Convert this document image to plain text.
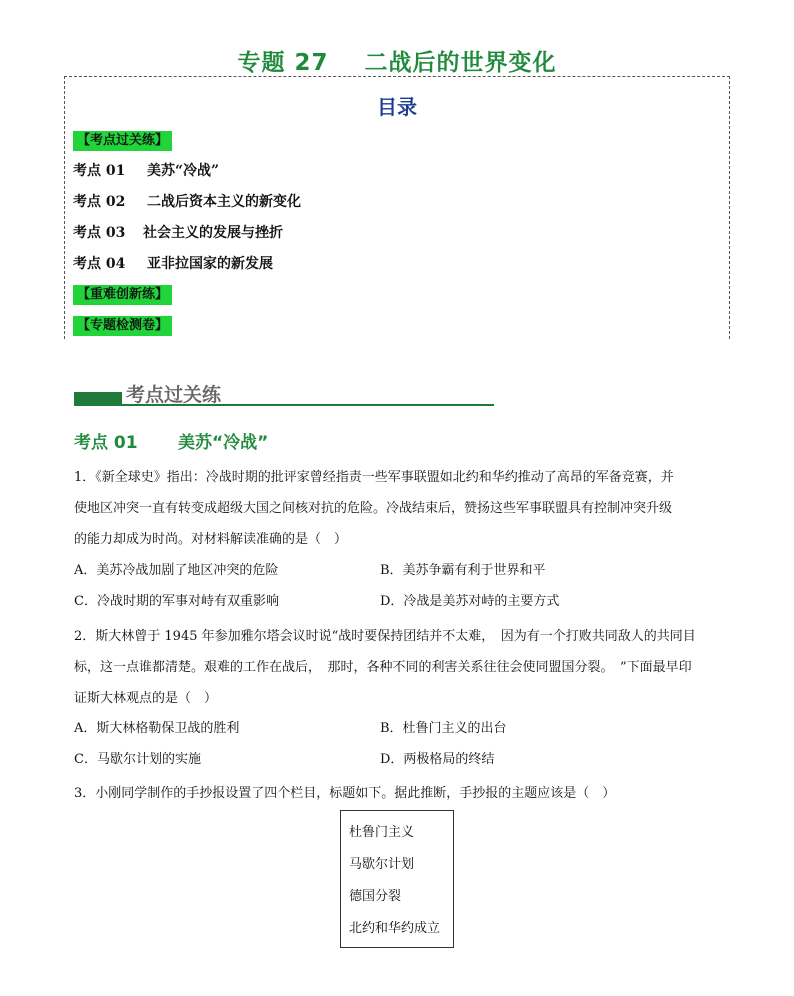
专题 27 二战后的世界变化
目录
【考点过关练】
考点 01 美苏“冷战”
考点 02 二战后资本主义的新变化
考点 03 社会主义的发展与挫折
考点 04 亚非拉国家的新发展
【重难创新练】
【专题检测卷】
考点过关练
考点 01 美苏“冷战”
1．《新全球史》指出：冷战时期的批评家曾经指责一些军事联盟如北约和华约推动了高昂的军备竞赛，并
使地区冲突一直有转变成超级大国之间核对抗的危险。冷战结束后，赞扬这些军事联盟具有控制冲突升级
的能力却成为时尚。对材料解读准确的是（　）
A．美苏冷战加剧了地区冲突的危险	B．美苏争霸有利于世界和平
C．冷战时期的军事对峙有双重影响	D．冷战是美苏对峙的主要方式
2．斯大林曾于 1945 年参加雅尔塔会议时说“战时要保持团结并不太难，　因为有一个打败共同敌人的共同目
标，这一点谁都清楚。艰难的工作在战后，　那时，各种不同的利害关系往往会使同盟国分裂。　”下面最早印
证斯大林观点的是（　）
A．斯大林格勒保卫战的胜利	B．杜鲁门主义的出台
C．马歇尔计划的实施	D．两极格局的终结
3．小刚同学制作的手抄报设置了四个栏目，标题如下。据此推断，手抄报的主题应该是（　）
杜鲁门主义
马歇尔计划
德国分裂
北约和华约成立
